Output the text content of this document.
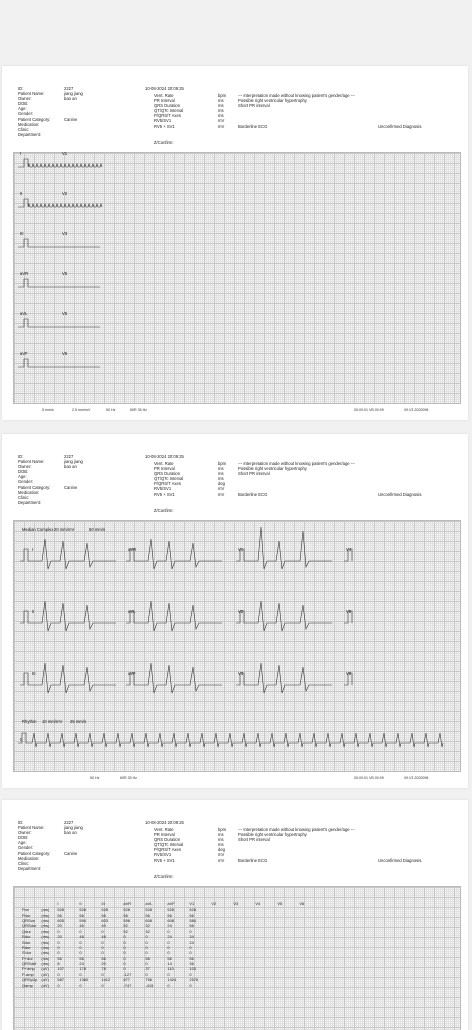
ID:
Patient Name:
Owner:
DOB:
Age:
Gender:
Patient Category:
Medication:
Clinic:
Department:
2227
jiang jiang
bao an
Canine
10-08-2024 20:09:25
Vent. Rate
PR Interval
QRS Duration
QT/QTc Interval
P/QRS/T Axes
RV5/SV1
RV5 + SV1
bpm
ms
ms
ms
ms
mV
mV
--- Interpretation made without knowing patient's gender/age ---
Possible right ventricular hypertrophy
Short PR interval
Borderline ECG	Unconfirmed Diagnosis.
Z/Confirm:
I	V1
II	V2
III	V3
aVR	V5
aVL	V5
aVF	V6
5 mm/s	2.5 mm/mV	50 Hz	60R 35 Hz	00:00:01 VB 00:09	09.V3 2020098
ID:
Patient Name:
Owner:
DOB:
Age:
Gender:
Patient Category:
Medication:
Clinic:
Department:
2227
jiang jiang
bao an
Canine
10-08-2024 20:09:25
Vent. Rate
PR Interval
QRS Duration
QT/QTc Interval
P/QRS/T Axes
RV5/SV1
RV5 + SV1
bpm
ms
ms
ms
deg
mV
mV
--- Interpretation made without knowing patient's gender/age ---
Possible right ventricular hypertrophy
Short PR interval
Borderline ECG	Unconfirmed Diagnosis.
Z/Confirm:
Median Complex 20 mm/mV	50 mm/s
Rhythm 10 mm/mV 25 mm/s
II
I	aVR	V1	V4
II	aVL	V2	V5
III	aVF	V3	V6
50 Hz	60R 35 Hz	00:00:01 VB 00:09	09.V3 2020098
ID:
Patient Name:
Owner:
DOB:
Age:
Gender:
Patient Category:
Medication:
Clinic:
Department:
2227
jiang jiang
bao an
Canine
10-08-2024 20:09:25
Vent. Rate
PR Interval
QRS Duration
QT/QTc Interval
P/QRS/T Axes
RV5/SV1
RV5 + SV1
bpm
ms
ms
ms
deg
mV
mV
--- Interpretation made without knowing patient's gender/age ---
Possible right ventricular hypertrophy
Short PR interval
Borderline ECG	Unconfirmed Diagnosis.
Z/Confirm:
		I	II	III	aVR	aVL	aVF	V1	V2	V3	V4	V5	V6
Pon	(ms)	528	528	528	528	528	528	528					
Pdur	(ms)	56	56	56	56	56	56	56					
QRSon	(ms)	605	594	603	598	608	608	584					
QRSdur	(ms)	20	46	40	52	32	24	56					
Qdur	(ms)	0	0	0	52	32	0	0					
Rdur	(ms)	20	48	48	0	0	24	34					
Sdur	(ms)	0	0	0	0	0	0	24					
Rdur	(ms)	0	0	0	0	0	0	0					
S'dur	(ms)	0	0	0	0	0	0	0					
P+dur	(ms)	56	56	56	0	56	56	56					
QRSdef	(ms)	8	24	20	0	0	14	36					
P+amp	(uV)	107	178	78	0	37	110	103					
P-amp	(uV)	0	0	0	-127	0	0	0					
QRSp2p	(uV)	587	1360	1412	877	756	1424	2576					
Qamp	(uV)	0	0	0	-747	-415	0	0					
